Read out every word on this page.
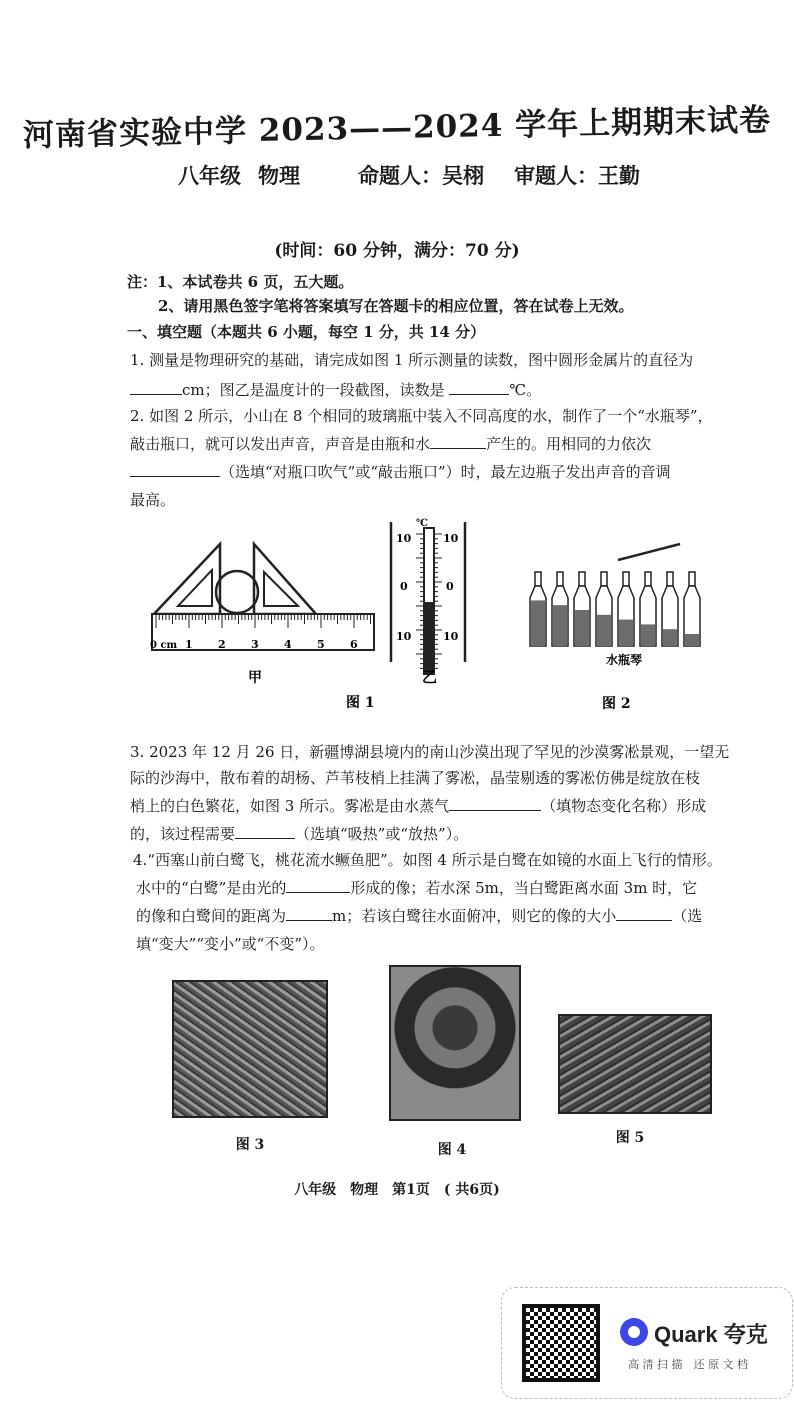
河南省实验中学 2023——2024 学年上期期末试卷
八年级 物理	命题人：吴栩 审题人：王勤
(时间：60 分钟，满分：70 分)
注：1、本试卷共 6 页，五大题。
2、请用黑色签字笔将答案填写在答题卡的相应位置，答在试卷上无效。
一、填空题（本题共 6 小题，每空 1 分，共 14 分）
1. 测量是物理研究的基础，请完成如图 1 所示测量的读数，图中圆形金属片的直径为
cm；图乙是温度计的一段截图，读数是	℃。
2. 如图 2 所示，小山在 8 个相同的玻璃瓶中装入不同高度的水，制作了一个“水瓶琴”，
敲击瓶口，就可以发出声音，声音是由瓶和水	产生的。用相同的力依次
（选填“对瓶口吹气”或“敲击瓶口”）时，最左边瓶子发出声音的音调
最高。
0 cm 1 2 3 4 5 6
甲
℃
10
0
10
10
0
10
乙
图 1
水瓶琴
图 2
3. 2023 年 12 月 26 日，新疆博湖县境内的南山沙漠出现了罕见的沙漠雾凇景观，一望无
际的沙海中，散布着的胡杨、芦苇枝梢上挂满了雾凇，晶莹剔透的雾凇仿佛是绽放在枝
梢上的白色繁花，如图 3 所示。雾凇是由水蒸气	（填物态变化名称）形成
的，该过程需要	（选填“吸热”或“放热”）。
4.“西塞山前白鹭飞，桃花流水鳜鱼肥”。如图 4 所示是白鹭在如镜的水面上飞行的情形。
水中的“白鹭”是由光的	形成的像；若水深 5m，当白鹭距离水面 3m 时，它
的像和白鹭间的距离为	m；若该白鹭往水面俯冲，则它的像的大小	（选
填“变大”“变小”或“不变”）。
图 3	图 4
图 5
八年级　物理　第1页　( 共6页)
Quark 夸克
高 清 扫 描　还 原 文 档
